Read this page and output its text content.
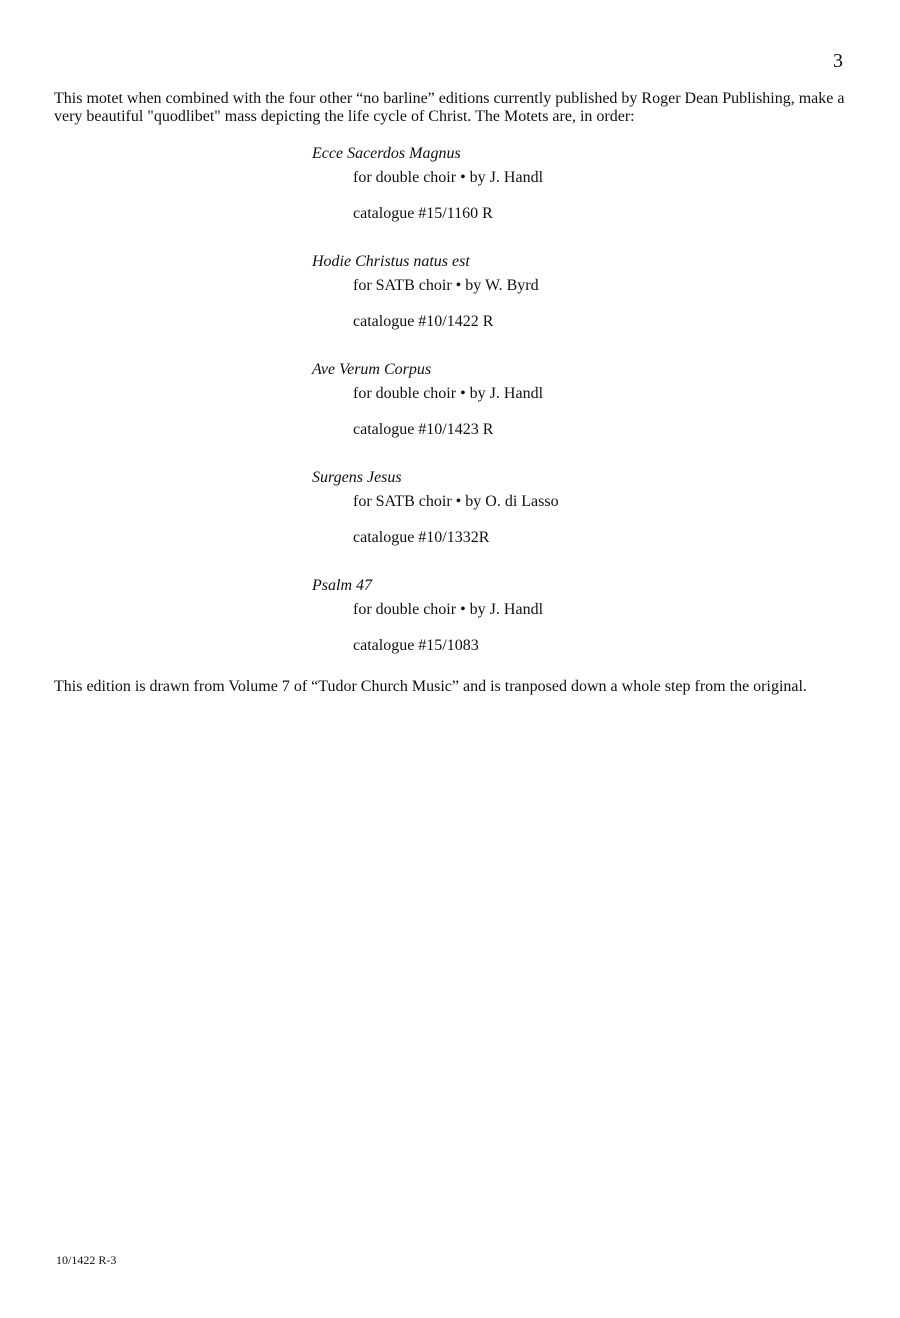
3

This motet when combined with the four other “no barline” editions currently published by Roger Dean Publishing, make a very beautiful "quodlibet" mass depicting the life cycle of Christ. The Motets are, in order:

Ecce Sacerdos Magnus
for double choir • by J. Handl
catalogue #15/1160 R
Hodie Christus natus est
for SATB choir • by W. Byrd
catalogue #10/1422 R
Ave Verum Corpus
for double choir • by J. Handl
catalogue #10/1423 R
Surgens Jesus
for SATB choir • by O. di Lasso
catalogue #10/1332R
Psalm 47
for double choir • by J. Handl
catalogue #15/1083

This edition is drawn from Volume 7 of “Tudor Church Music” and is tranposed down a whole step from the original.

10/1422 R-3
